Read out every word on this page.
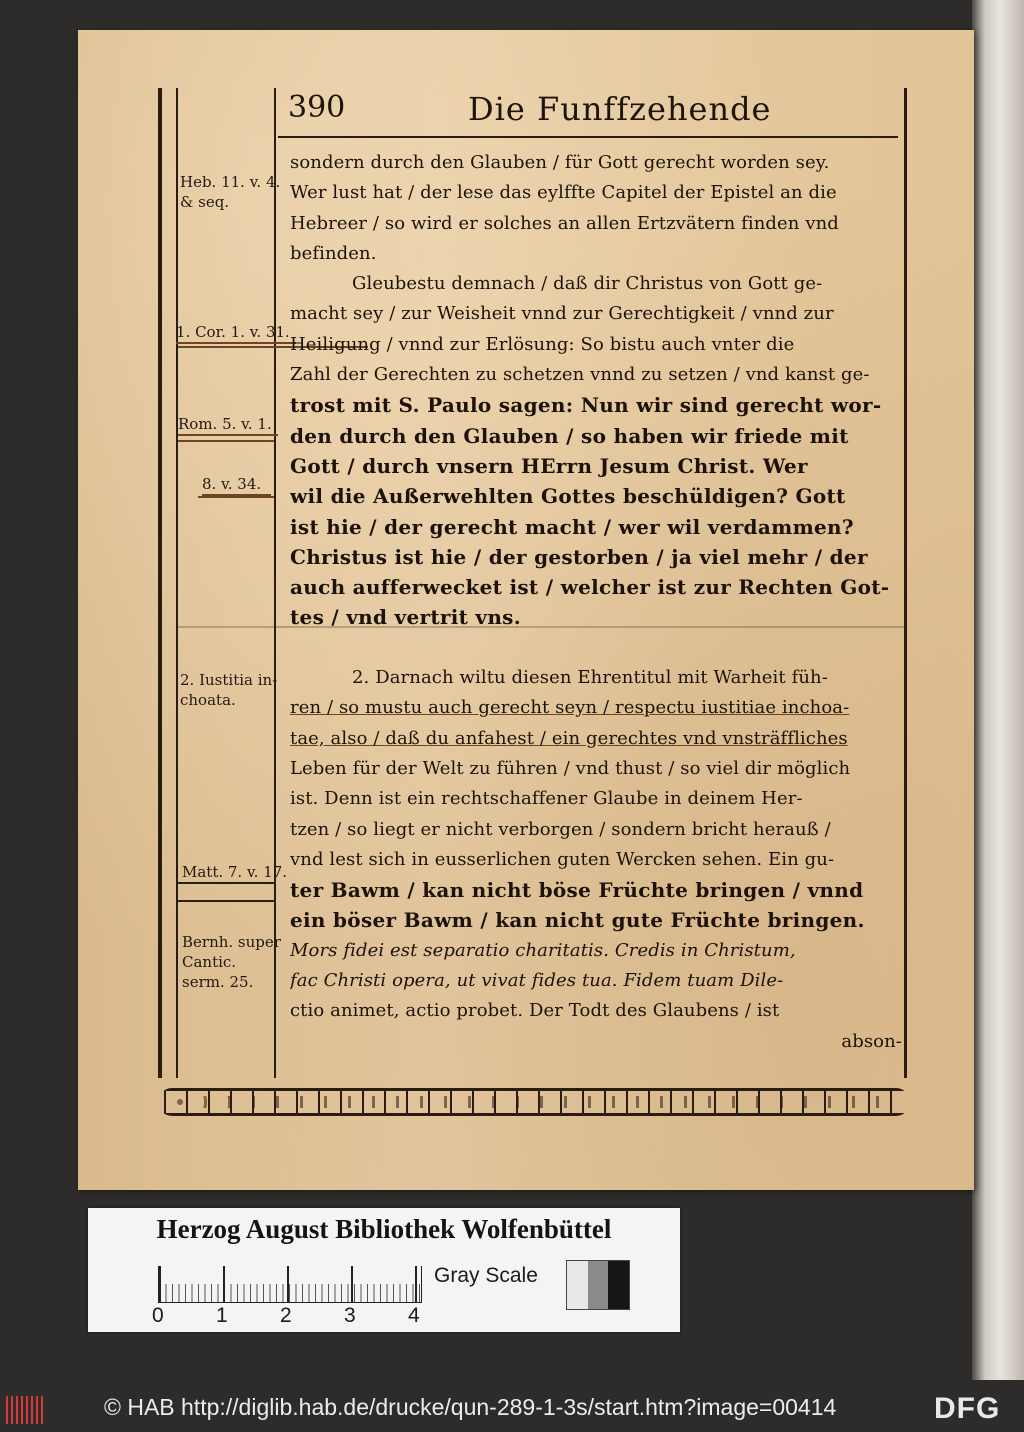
390	Die Funffzehende
Heb. 11. v. 4.
& seq.
1. Cor. 1. v. 31.
Rom. 5. v. 1.
8. v. 34.
2. Iustitia in-
choata.
Matt. 7. v. 17.
Bernh. super
Cantic.
serm. 25.
sondern durch den Glauben / für Gott gerecht worden sey.
Wer lust hat / der lese das eylffte Capitel der Epistel an die
Hebreer / so wird er solches an allen Ertzvätern finden vnd
befinden.
Gleubestu demnach / daß dir Christus von Gott ge-
macht sey / zur Weisheit vnnd zur Gerechtigkeit / vnnd zur
Heiligung / vnnd zur Erlösung: So bistu auch vnter die
Zahl der Gerechten zu schetzen vnnd zu setzen / vnd kanst ge-
trost mit S. Paulo sagen: Nun wir sind gerecht wor-
den durch den Glauben / so haben wir friede mit
Gott / durch vnsern HErrn Jesum Christ. Wer
wil die Außerwehlten Gottes beschüldigen? Gott
ist hie / der gerecht macht / wer wil verdammen?
Christus ist hie / der gestorben / ja viel mehr / der
auch aufferwecket ist / welcher ist zur Rechten Got-
tes / vnd vertrit vns.
2. Darnach wiltu diesen Ehrentitul mit Warheit füh-
ren / so mustu auch gerecht seyn / respectu iustitiae inchoa-
tae, also / daß du anfahest / ein gerechtes vnd vnsträffliches
Leben für der Welt zu führen / vnd thust / so viel dir möglich
ist. Denn ist ein rechtschaffener Glaube in deinem Her-
tzen / so liegt er nicht verborgen / sondern bricht herauß /
vnd lest sich in eusserlichen guten Wercken sehen. Ein gu-
ter Bawm / kan nicht böse Früchte bringen / vnnd
ein böser Bawm / kan nicht gute Früchte bringen.
Mors fidei est separatio charitatis. Credis in Christum,
fac Christi opera, ut vivat fides tua. Fidem tuam Dile-
ctio animet, actio probet. Der Todt des Glaubens / ist
abson-
Herzog August Bibliothek Wolfenbüttel
0 1 2 3 4
Gray Scale
© HAB http://diglib.hab.de/drucke/qun-289-1-3s/start.htm?image=00414	DFG
